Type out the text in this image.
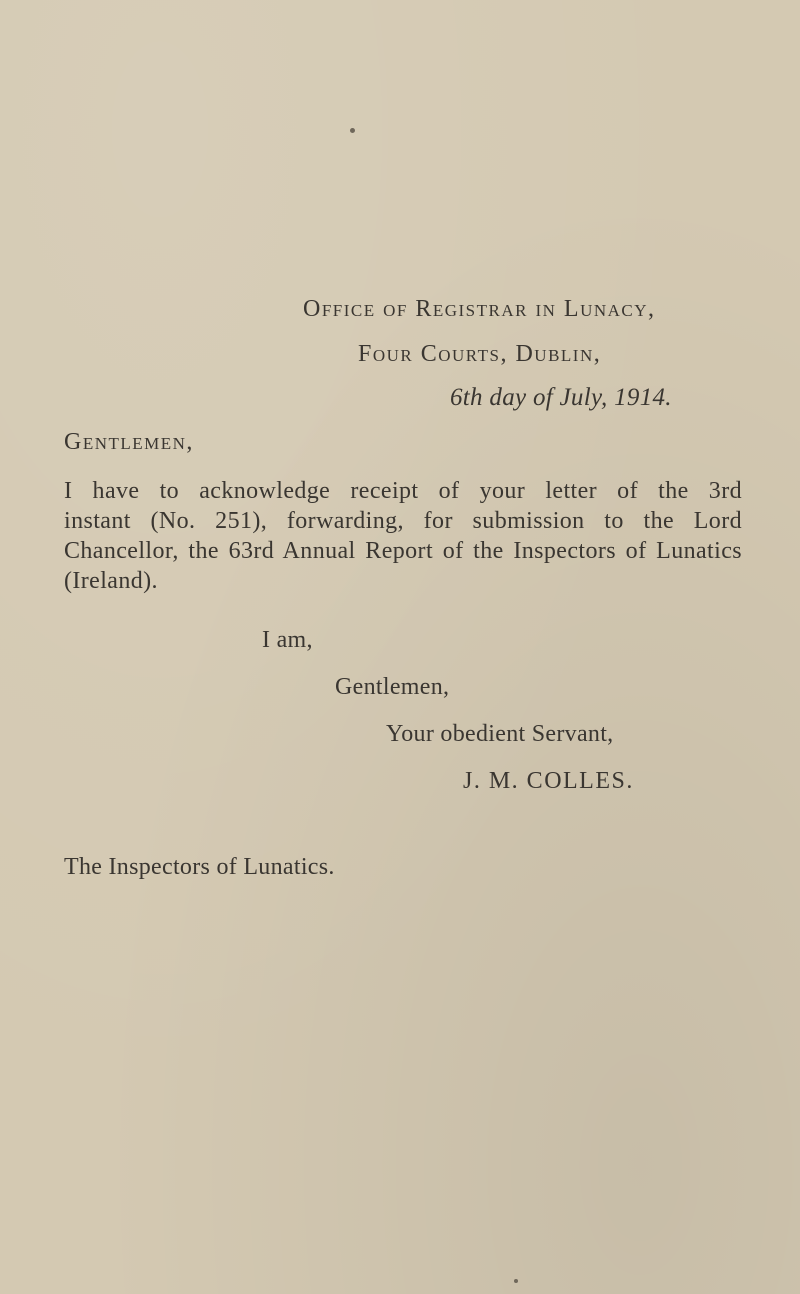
Office of Registrar in Lunacy,
Four Courts, Dublin,
6th day of July, 1914.
Gentlemen,
I have to acknowledge receipt of your letter of the 3rd
instant (No. 251), forwarding, for submission to the Lord
Chancellor, the 63rd Annual Report of the Inspectors of Lunatics
(Ireland).
I am,
Gentlemen,
Your obedient Servant,
J. M. COLLES.
The Inspectors of Lunatics.
